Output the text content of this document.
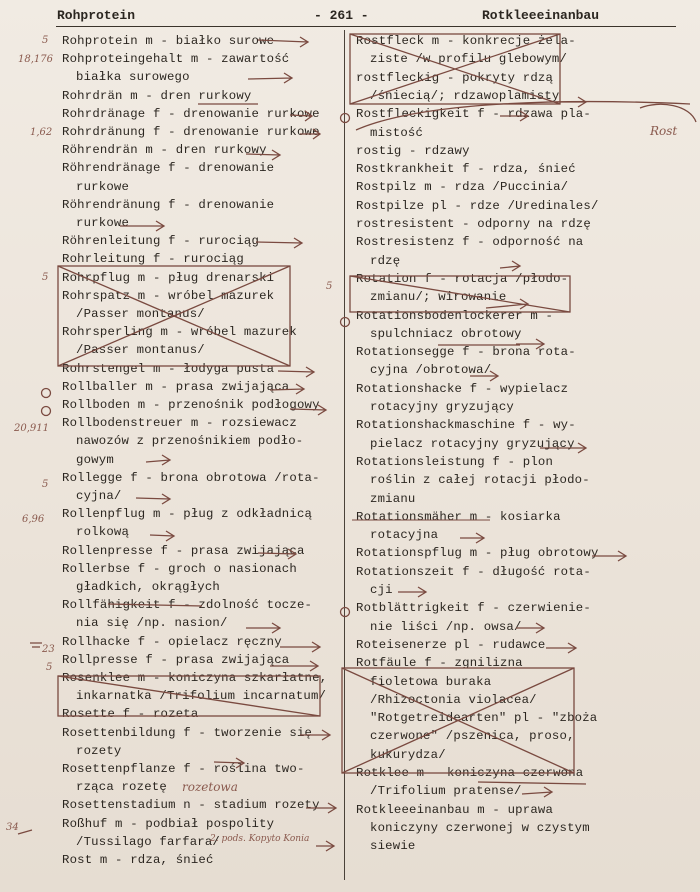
Rohprotein	- 261 -	Rotkleeeinanbau
Rohprotein m - białko surowe
Rohproteingehalt m - zawartość
białka surowego
Rohrdrän m - dren rurkowy
Rohrdränage f - drenowanie rurkowe
Rohrdränung f - drenowanie rurkowe
Röhrendrän m - dren rurkowy
Röhrendränage f - drenowanie
rurkowe
Röhrendränung f - drenowanie
rurkowe
Röhrenleitung f - rurociąg
Rohrleitung f - rurociąg
Rohrpflug m - pług drenarski
Rohrspatz m - wróbel mazurek
/Passer montanus/
Rohrsperling m - wróbel mazurek
/Passer montanus/
Rohrstengel m - łodyga pusta
Rollballer m - prasa zwijająca
Rollboden m - przenośnik podłogowy
Rollbodenstreuer m - rozsiewacz
nawozów z przenośnikiem podło-
gowym
Rollegge f - brona obrotowa /rota-
cyjna/
Rollenpflug m - pług z odkładnicą
rolkową
Rollenpresse f - prasa zwijająca
Rollerbse f - groch o nasionach
gładkich, okrągłych
Rollfähigkeit f - zdolność tocze-
nia się /np. nasion/
Rollhacke f - opielacz ręczny
Rollpresse f - prasa zwijająca
Rosenklee m - koniczyna szkarłatne,
inkarnatka /Trifolium incarnatum/
Rosette f - rozeta
Rosettenbildung f - tworzenie się
rozety
Rosettenpflanze f - roślina two-
rząca rozetę
Rosettenstadium n - stadium rozety
Roßhuf m - podbiał pospolity
/Tussilago farfara/
Rost m - rdza, śnieć
Rostfleck m - konkrecje żela-
ziste /w profilu glebowym/
rostfleckig - pokryty rdzą
/śniecią/; rdzawoplamisty
Rostfleckigkeit f - rdzawa pla-
mistość
rostig - rdzawy
Rostkrankheit f - rdza, śnieć
Rostpilz m - rdza /Puccinia/
Rostpilze pl - rdze /Uredinales/
rostresistent - odporny na rdzę
Rostresistenz f - odporność na
rdzę
Rotation f - rotacja /płodo-
zmianu/; wirowanie
Rotationsbodenlockerer m -
spulchniacz obrotowy
Rotationsegge f - brona rota-
cyjna /obrotowa/
Rotationshacke f - wypielacz
rotacyjny gryzujący
Rotationshackmaschine f - wy-
pielacz rotacyjny gryzujący
Rotationsleistung f - plon
roślin z całej rotacji płodo-
zmianu
Rotationsmäher m - kosiarka
rotacyjna
Rotationspflug m - pług obrotowy
Rotationszeit f - długość rota-
cji
Rotblättrigkeit f - czerwienie-
nie liści /np. owsa/
Roteisenerze pl - rudawce
Rotfäule f - zgnilizna
fioletowa buraka
/Rhizoctonia violacea/
"Rotgetreidearten" pl - "zboża
czerwone" /pszenica, proso,
kukurydza/
Rotklee m - koniczyna czerwona
/Trifolium pratense/
Rotkleeeinanbau m - uprawa
koniczyny czerwonej w czystym
siewie
5
18,176
1,62
5
5
20,911
5
6,96
23
5
34
Rost
rozetowa
2. pods. Kopyto Konia
